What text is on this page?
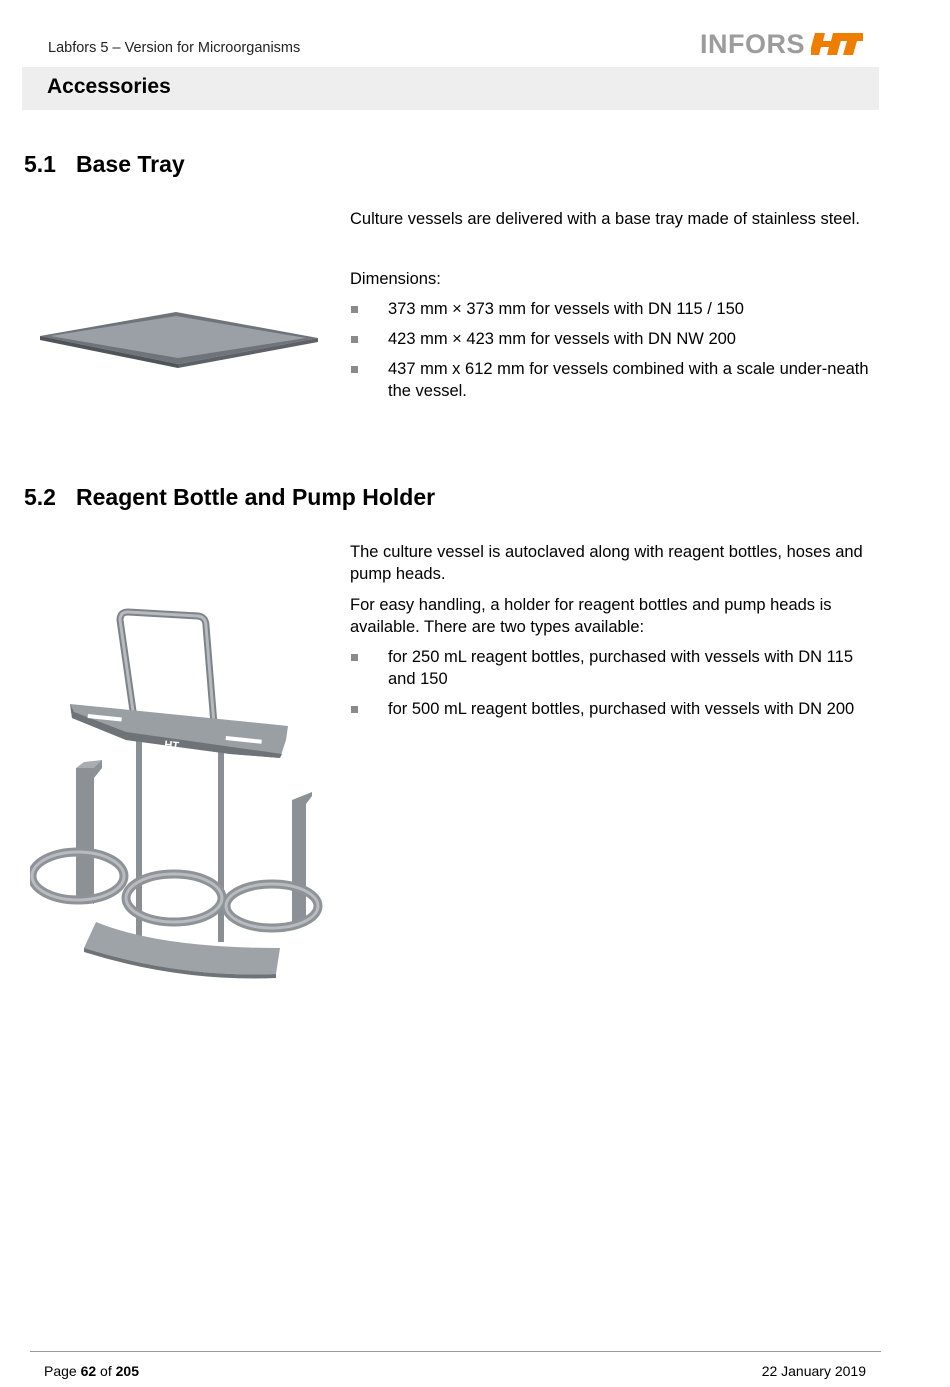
Labfors 5 – Version for Microorganisms	INFORS
Accessories
5.1 Base Tray

Culture vessels are delivered with a base tray made of stainless steel.

Dimensions:

373 mm × 373 mm for vessels with DN 115 / 150
423 mm × 423 mm for vessels with DN NW 200
437 mm x 612 mm for vessels combined with a scale under-neath the vessel.
5.2 Reagent Bottle and Pump Holder

The culture vessel is autoclaved along with reagent bottles, hoses and pump heads.

For easy handling, a holder for reagent bottles and pump heads is available. There are two types available:

for 250 mL reagent bottles, purchased with vessels with DN 115 and 150
for 500 mL reagent bottles, purchased with vessels with DN 200
HT
Page 62 of 205	22 January 2019
